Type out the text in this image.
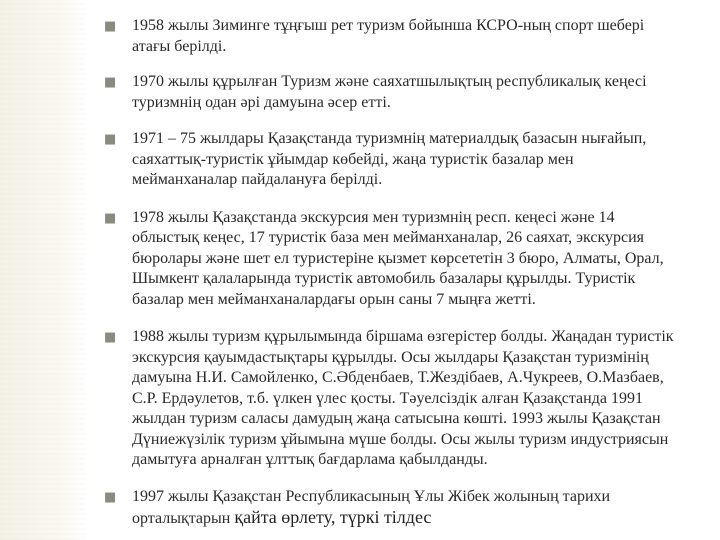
■ 1958 жылы Зиминге тұңғыш рет туризм бойынша КСРО-ның спорт шебері атағы берілді.
■ 1970 жылы құрылған Туризм және саяхатшылықтың республикалық кеңесі туризмнің одан әрі дамуына әсер етті.
■ 1971 – 75 жылдары Қазақстанда туризмнің материалдық базасын нығайып, саяхаттық-туристік ұйымдар көбейді, жаңа туристік базалар мен мейманханалар пайдалануға берілді.
■ 1978 жылы Қазақстанда экскурсия мен туризмнің респ. кеңесі және 14 облыстық кеңес, 17 туристік база мен мейманханалар, 26 саяхат, экскурсия бюролары және шет ел туристеріне қызмет көрсететін 3 бюро, Алматы, Орал, Шымкент қалаларында туристік автомобиль базалары құрылды. Туристік базалар мен мейманханалардағы орын саны 7 мыңға жетті.
■ 1988 жылы туризм құрылымында біршама өзгерістер болды. Жаңадан туристік экскурсия қауымдастықтары құрылды. Осы жылдары Қазақстан туризмінің дамуына Н.И. Самойленко, С.Әбденбаев, Т.Жездібаев, А.Чукреев, О.Мазбаев, С.Р. Ердәулетов, т.б. үлкен үлес қосты. Тәуелсіздік алған Қазақстанда 1991 жылдан туризм саласы дамудың жаңа сатысына көшті. 1993 жылы Қазақстан Дүниежүзілік туризм ұйымына мүше болды. Осы жылы туризм индустриясын дамытуға арналған ұлттық бағдарлама қабылданды.
■ 1997 жылы Қазақстан Республикасының Ұлы Жібек жолының тарихи орталықтарын қайта өрлету, түркі тілдес
